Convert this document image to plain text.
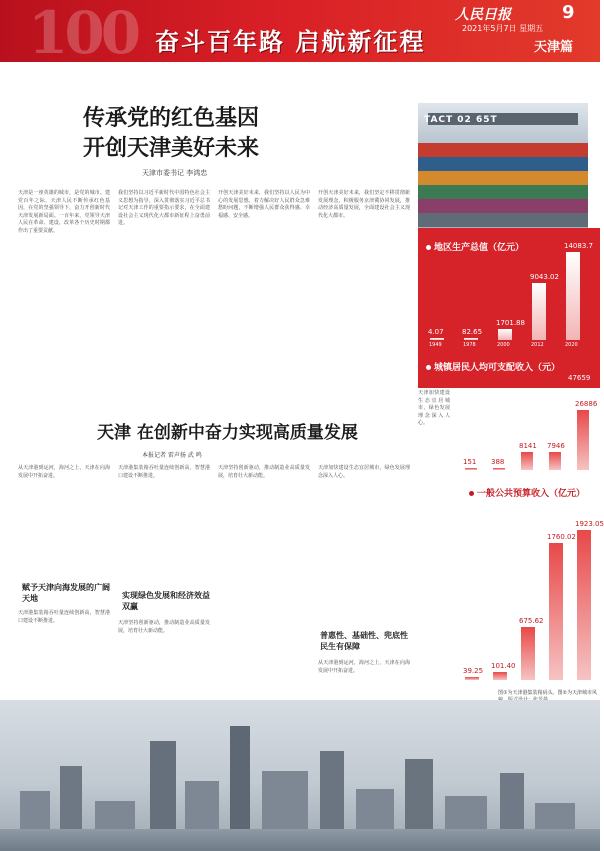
100 奋斗百年路 启航新征程
人民日报	9
2021年5月7日 星期五
天津篇
传承党的红色基因
开创天津美好未来
天津市委书记 李鸿忠
天津是一座英雄的城市，是党的城市。建党百年之际，天津人民不断传承红色基因，在党的坚强领导下，奋力开创新时代天津发展新局面。一百年来，党领导天津人民在革命、建设、改革各个历史时期都作出了重要贡献。
我们坚持以习近平新时代中国特色社会主义思想为指导，深入贯彻落实习近平总书记对天津工作的重要指示要求，在全面建设社会主义现代化大都市新征程上奋勇前进。
开创天津美好未来，我们坚持以人民为中心的发展思想，着力解决好人民群众急难愁盼问题，不断增强人民群众获得感、幸福感、安全感。
开创天津美好未来，我们坚定不移贯彻新发展理念，积极服务京津冀协同发展，推动经济高质量发展，全面建设社会主义现代化大都市。
TACT 02 65T
地区生产总值（亿元）
4.07
1949
82.65
1978
1701.88
2000
9043.02
2012
14083.7
2020
城镇居民人均可支配收入（元）
47659
天津 在创新中奋力实现高质量发展
本报记者 雷声扬 武 鸣
从天津港到运河，海河之上，天津在向海发展中开拓奋进。
赋予天津向海发展的广阔天地
天津港集装箱吞吐量连续创新高，智慧港口建设不断推进。
天津港集装箱吞吐量连续创新高，智慧港口建设不断推进。
实现绿色发展和经济效益双赢
天津坚持创新驱动，推动制造业高质量发展，培育壮大新动能。
天津坚持创新驱动，推动制造业高质量发展，培育壮大新动能。
天津加快建设生态宜居城市，绿色发展理念深入人心。
普惠性、基础性、兜底性民生有保障
从天津港到运河，海河之上，天津在向海发展中开拓奋进。
天津加快建设生态宜居城市，绿色发展理念深入人心。
151 388
8141 7946
26886
一般公共预算收入（亿元）
39.25
101.40
675.62
1760.02
1923.05
图①为天津港集装箱码头。图②为天津城市风
